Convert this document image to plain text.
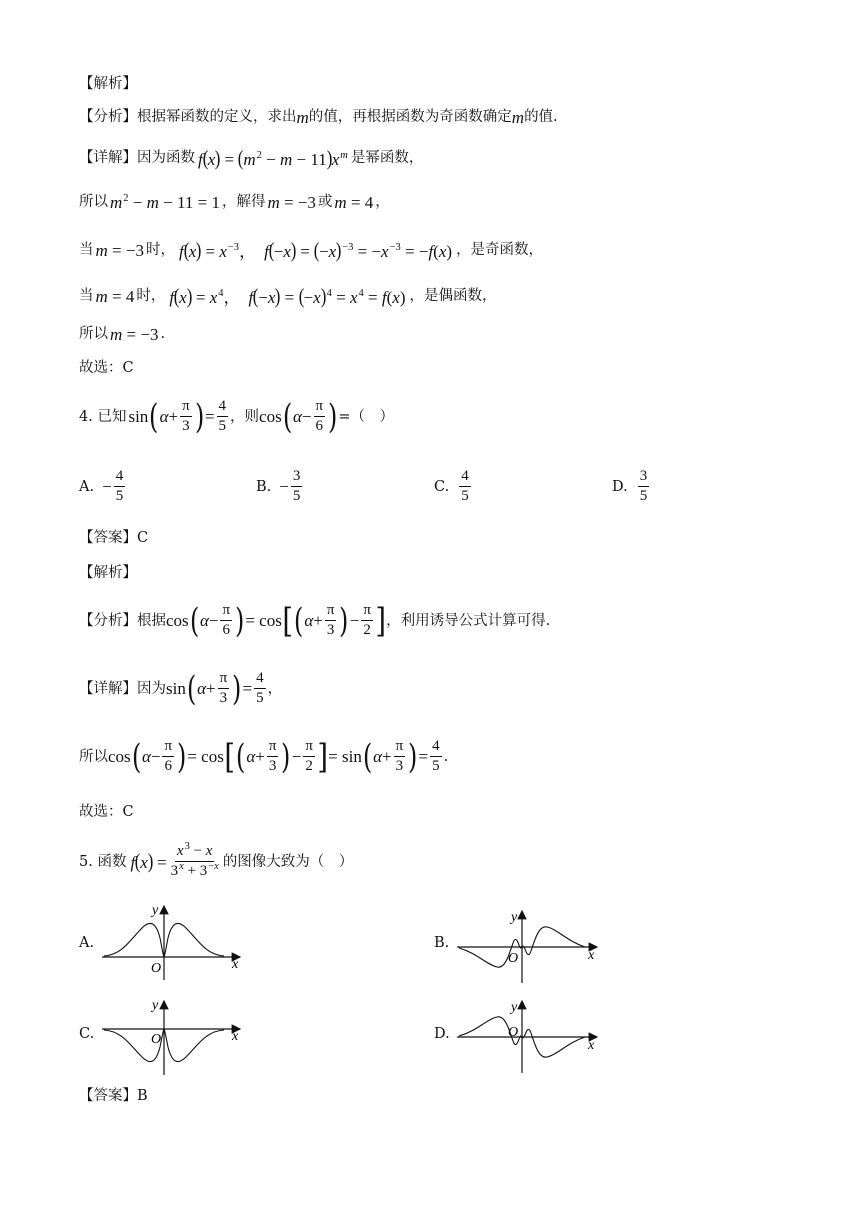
【解析】
【分析】 根据幂函数的定义，求出 m 的值，再根据函数为奇函数确定 m 的值.
【详解】 因为函数 $f(x) = (m^2 - m - 11)x^m$ 是幂函数，
所以 $m^2 - m - 11 = 1$ ，解得 m = −3 或 m = 4 ，
当 m = −3 时， $f(x) = x^{-3}$， $f(-x) = (-x)^{-3} = -x^{-3} = -f(x)$ ，是奇函数，
当 m = 4 时， $f(x) = x^4$， $f(-x) = (-x)^4 = x^4 = f(x)$ ，是偶函数，
所以 m = −3 .
故选：C
4. 已知 sin ( $\alpha + \frac{\pi}{3}$ ) = $\frac{4}{5}$ ，则 cos ( $\alpha - \frac{\pi}{6}$ ) =（　）
A. − $\frac{4}{5}$	B. − $\frac{3}{5}$	C.
4
5
D.
3
5
【答案】C
【解析】
【分析】 根据 cos ( $\alpha - \frac{\pi}{6}$ ) = cos [ ( $\alpha + \frac{\pi}{3}$ ) − $\frac{\pi}{2}$ ] ，利用诱导公式计算可得.
【详解】 因为 sin ( $\alpha + \frac{\pi}{3}$ ) = $\frac{4}{5}$ ，
所以 cos ( $\alpha - \frac{\pi}{6}$ ) = cos [ ( $\alpha + \frac{\pi}{3}$ ) − $\frac{\pi}{2}$ ] = sin ( $\alpha + \frac{\pi}{3}$ ) = $\frac{4}{5}$ .
故选：C
5. 函数 $f(x) = \frac{x^3 - x}{3^x + 3^{-x}}$ 的图像大致为（　）
A.	B.
C.	D.
y
x
O
y
x
O
y
x
O
y
x
O
【答案】B
